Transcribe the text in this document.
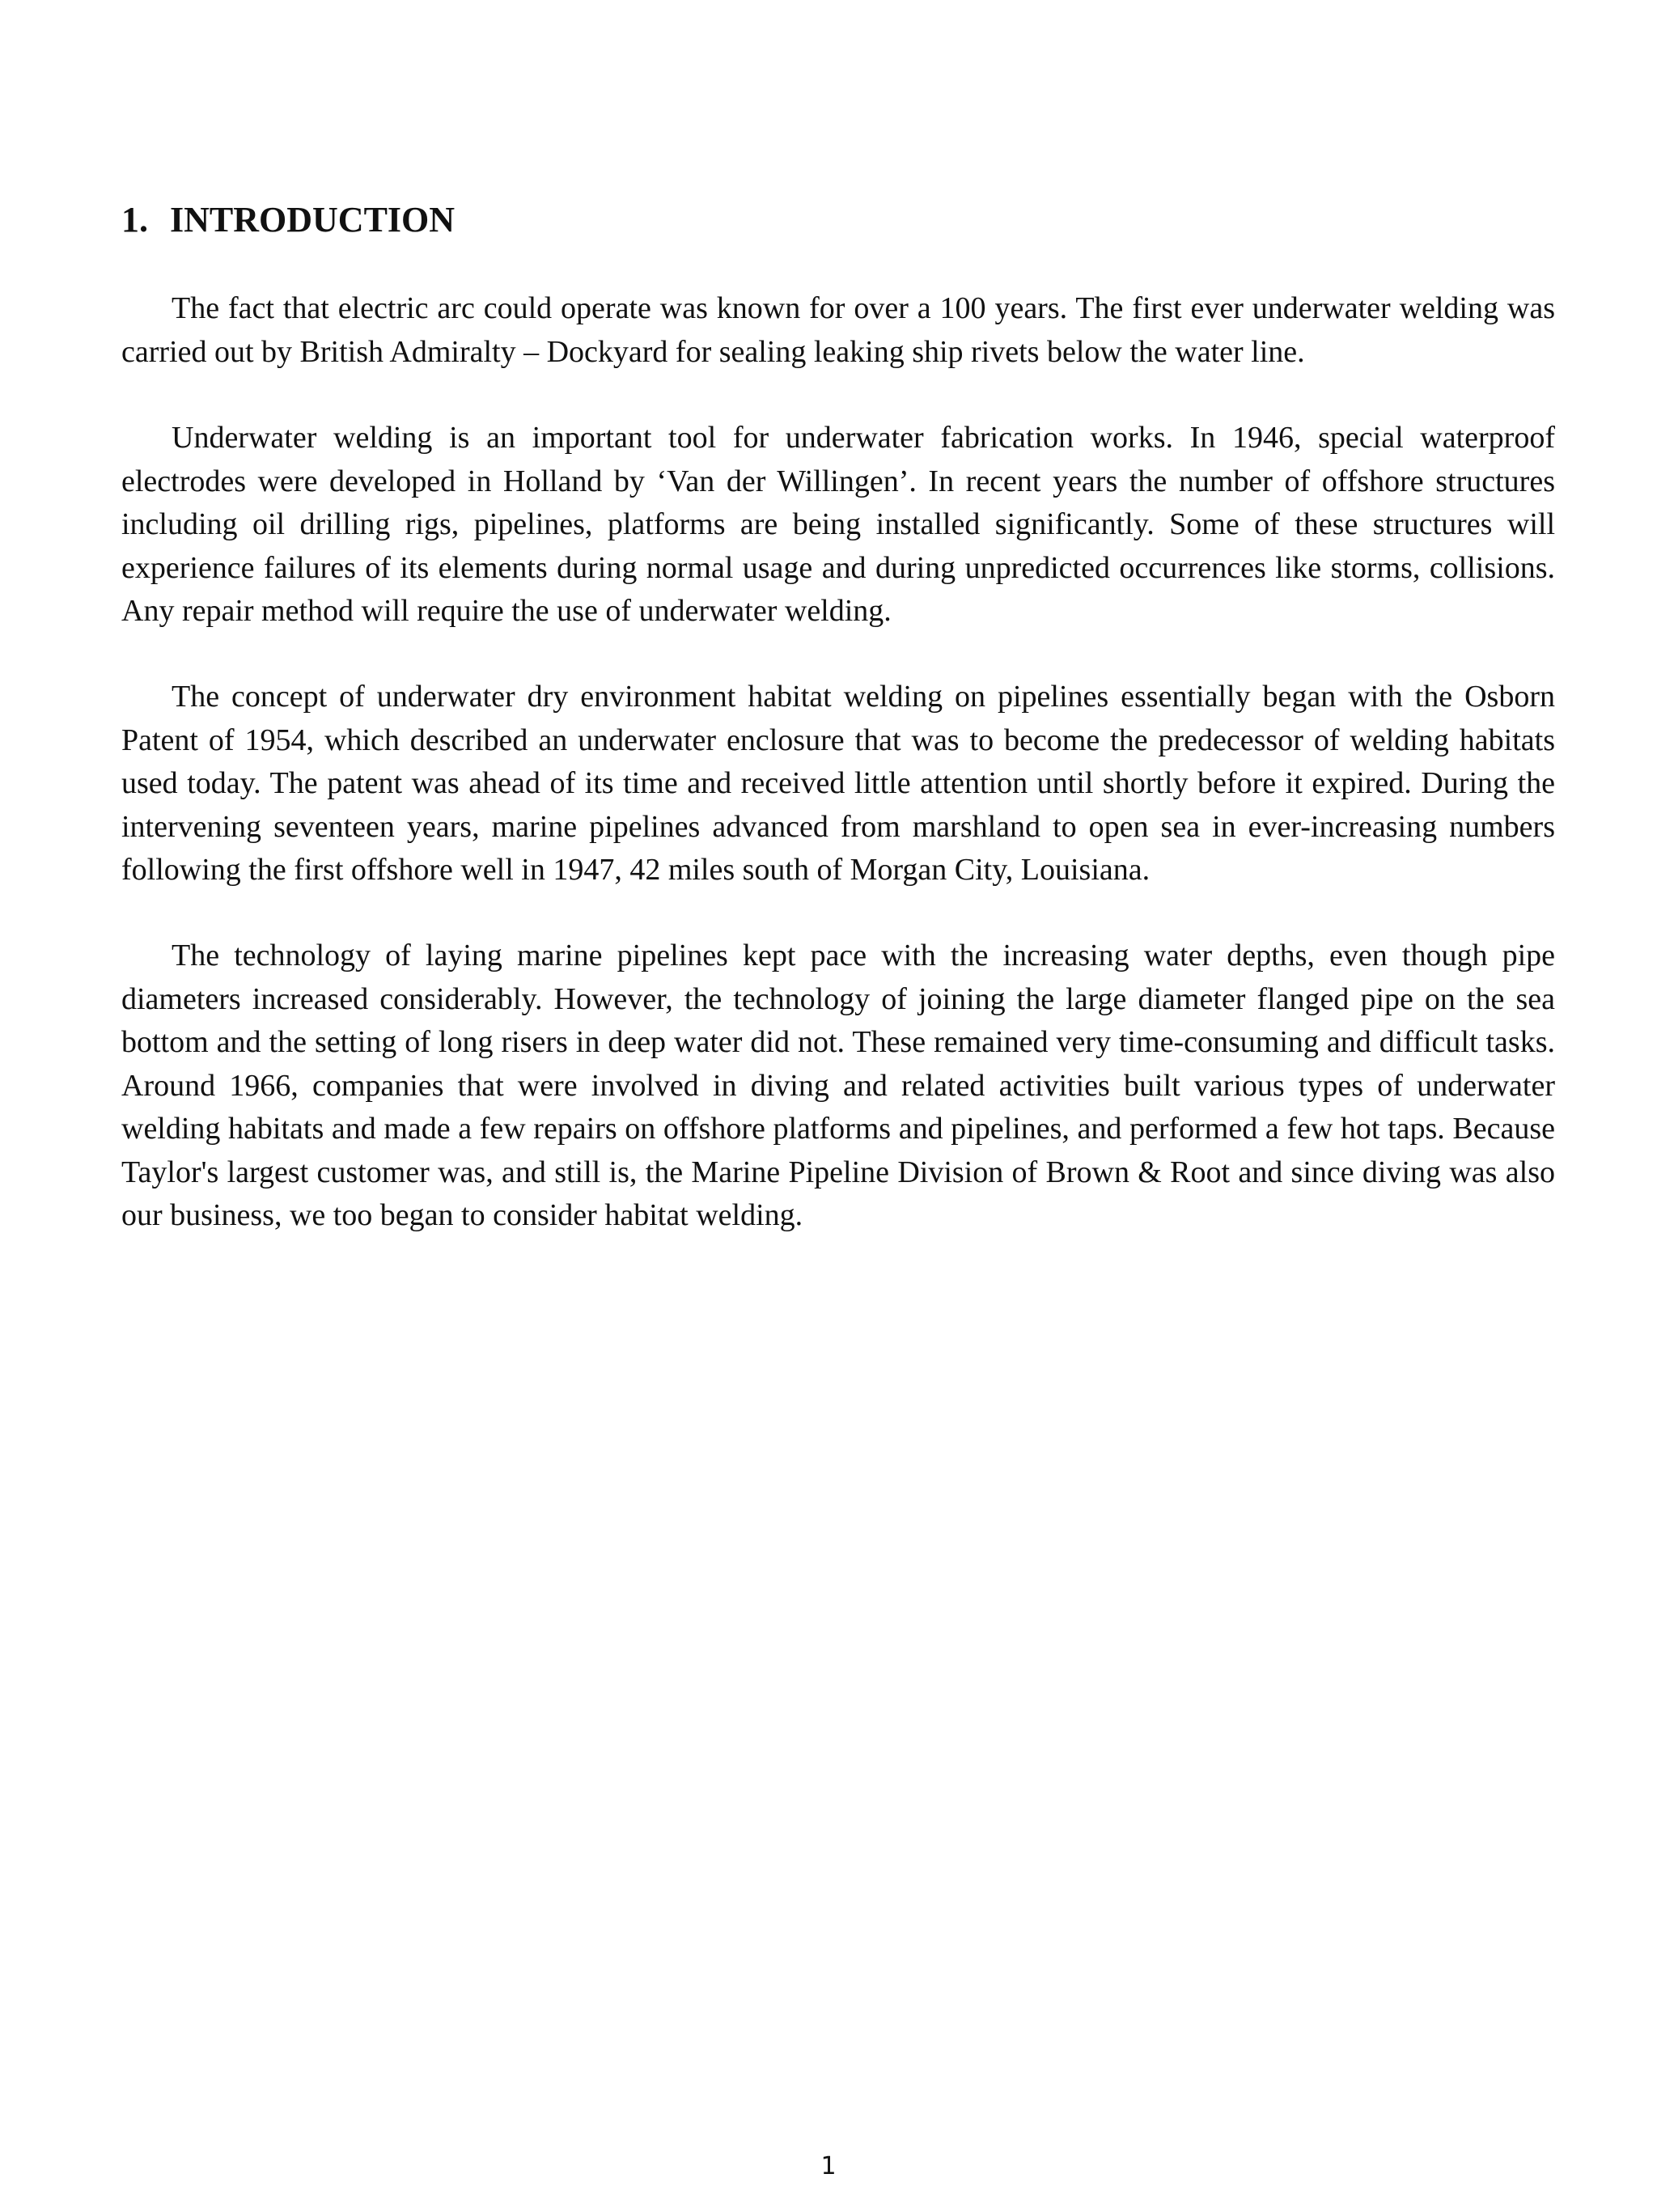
1. INTRODUCTION

The fact that electric arc could operate was known for over a 100 years. The first ever underwater welding was carried out by British Admiralty – Dockyard for sealing leaking ship rivets below the water line.

Underwater welding is an important tool for underwater fabrication works. In 1946, special waterproof electrodes were developed in Holland by ‘Van der Willingen’. In recent years the number of offshore structures including oil drilling rigs, pipelines, platforms are being installed significantly. Some of these structures will experience failures of its elements during normal usage and during unpredicted occurrences like storms, collisions. Any repair method will require the use of underwater welding.

The concept of underwater dry environment habitat welding on pipelines essentially began with the Osborn Patent of 1954, which described an underwater enclosure that was to become the predecessor of welding habitats used today. The patent was ahead of its time and received little attention until shortly before it expired. During the intervening seventeen years, marine pipelines advanced from marshland to open sea in ever-increasing numbers following the first offshore well in 1947, 42 miles south of Morgan City, Louisiana.

The technology of laying marine pipelines kept pace with the increasing water depths, even though pipe diameters increased considerably. However, the technology of joining the large diameter flanged pipe on the sea bottom and the setting of long risers in deep water did not. These remained very time-consuming and difficult tasks. Around 1966, companies that were involved in diving and related activities built various types of underwater welding habitats and made a few repairs on offshore platforms and pipelines, and performed a few hot taps. Because Taylor's largest customer was, and still is, the Marine Pipeline Division of Brown & Root and since diving was also our business, we too began to consider habitat welding.

1
